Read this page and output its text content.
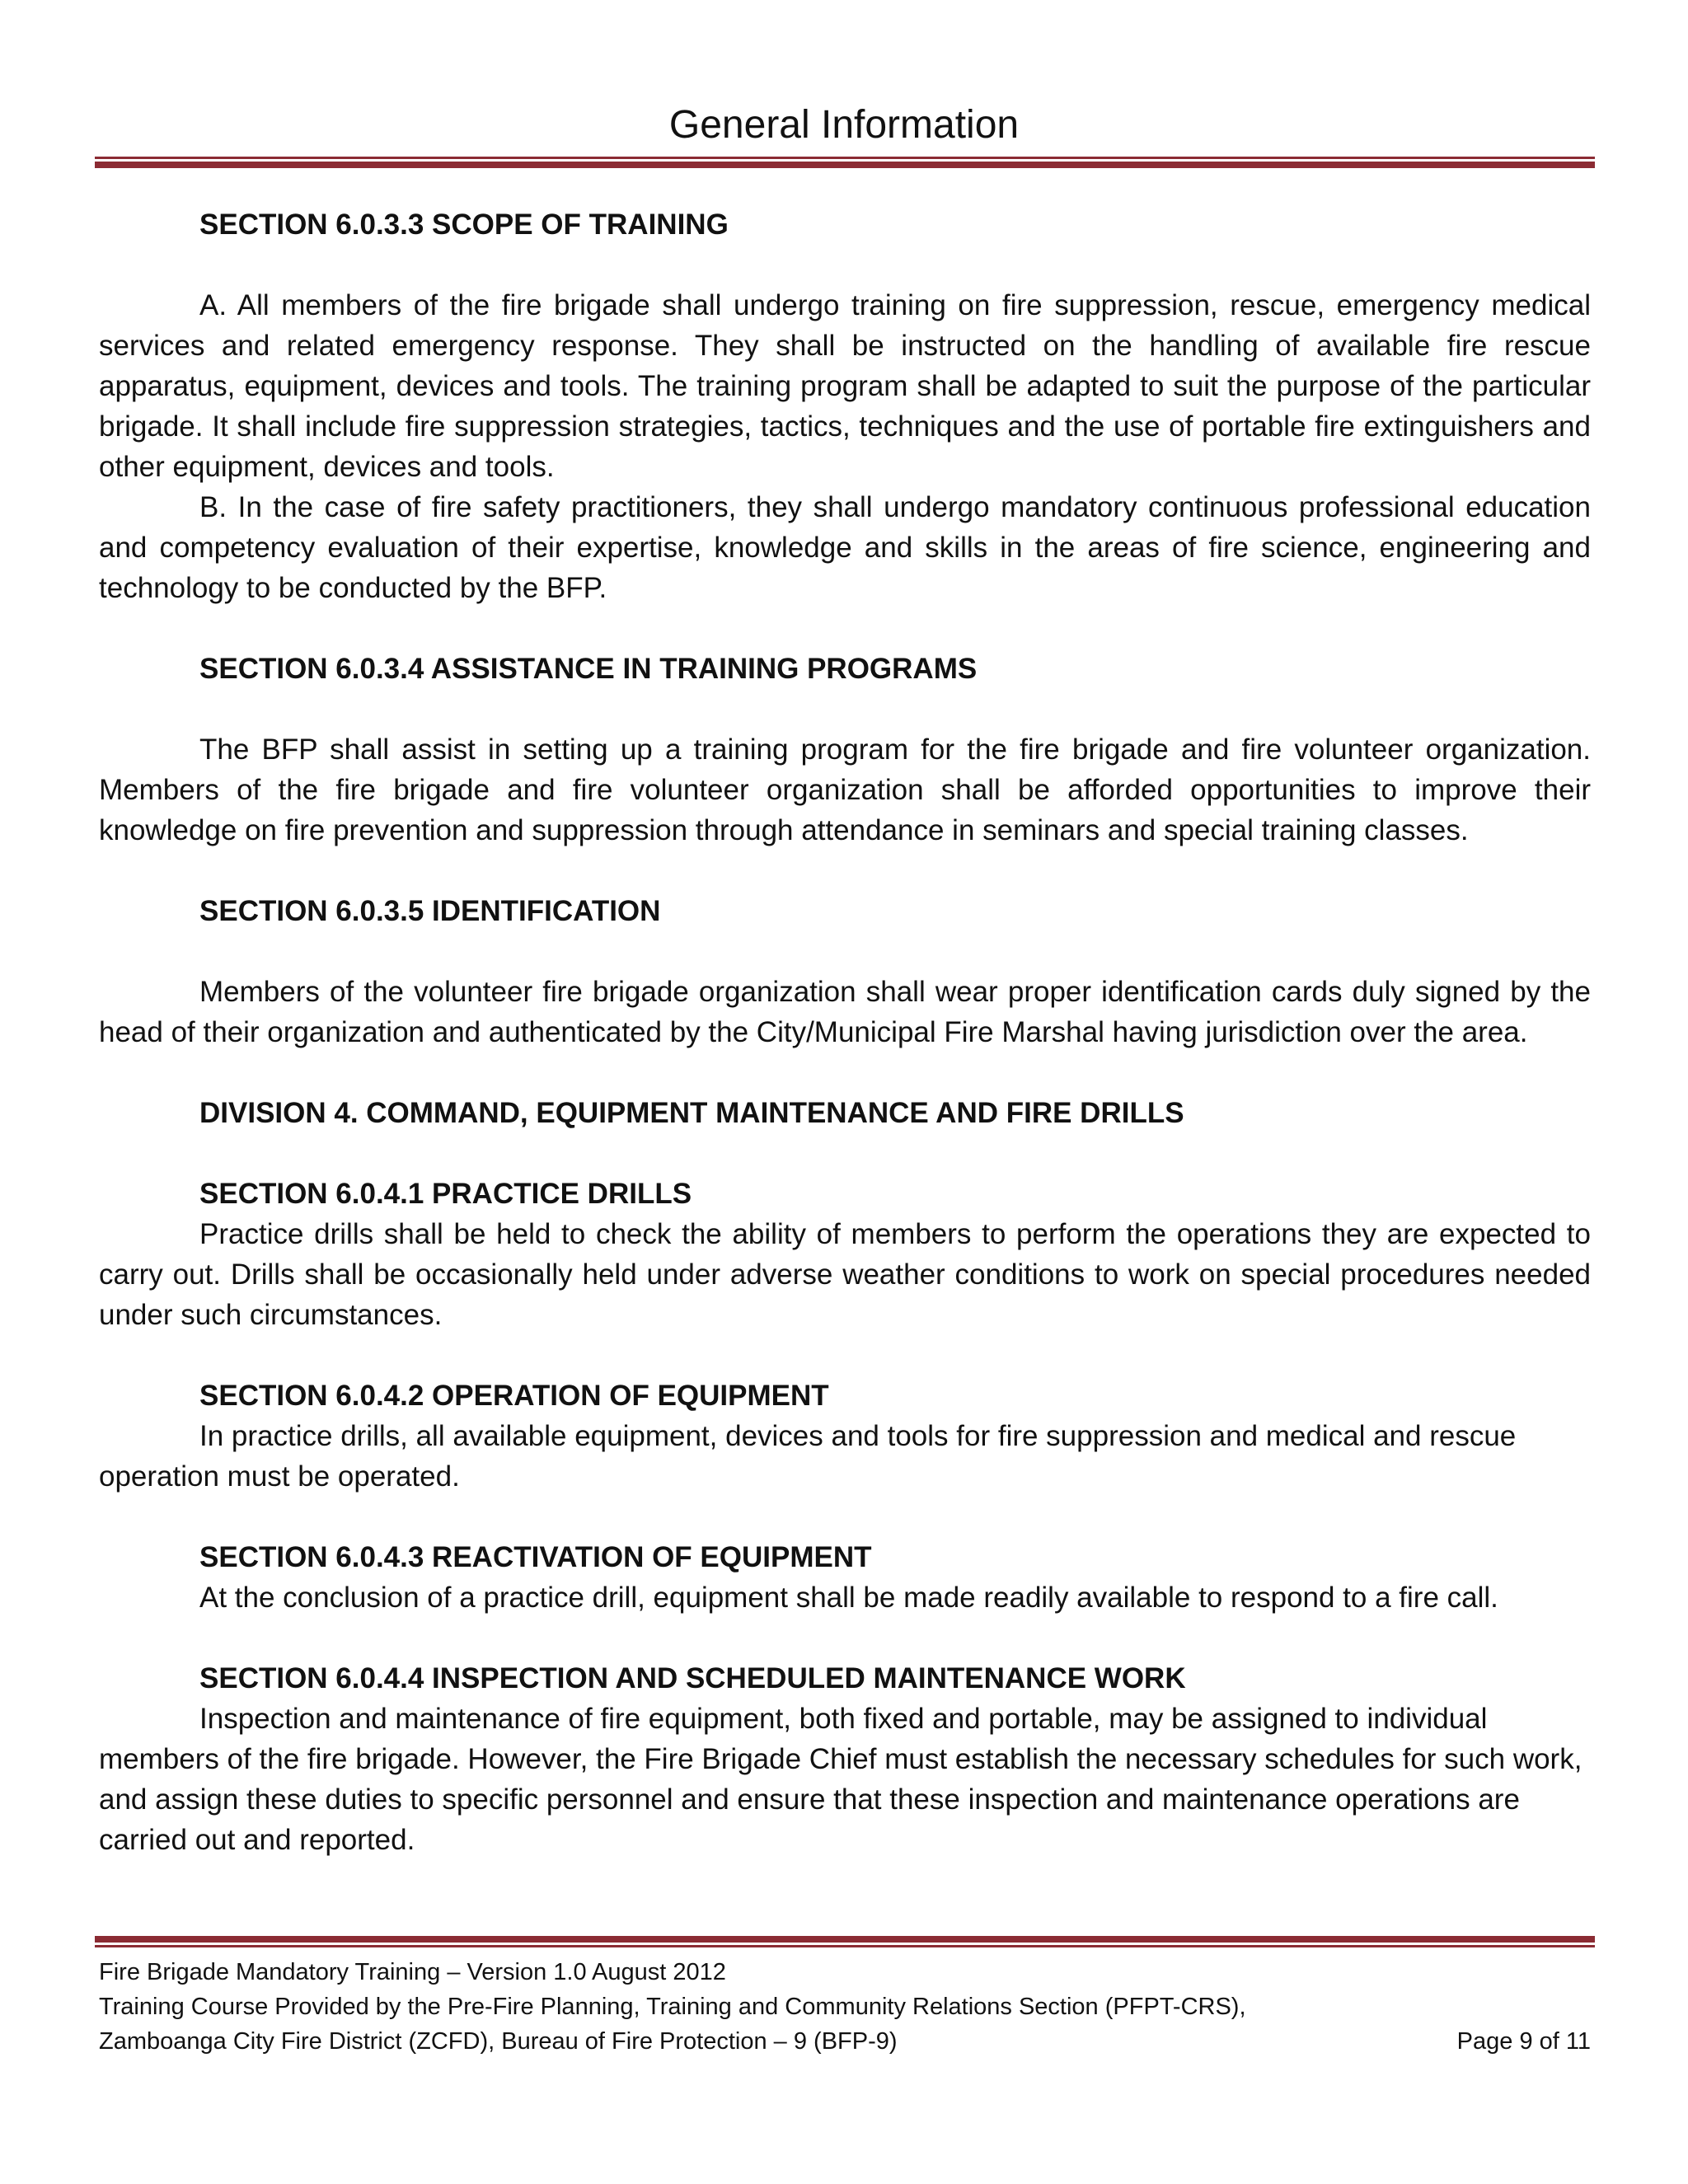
General Information

SECTION 6.0.3.3 SCOPE OF TRAINING

A. All members of the fire brigade shall undergo training on fire suppression, rescue, emergency medical services and related emergency response. They shall be instructed on the handling of available fire rescue apparatus, equipment, devices and tools. The training program shall be adapted to suit the purpose of the particular brigade. It shall include fire suppression strategies, tactics, techniques and the use of portable fire extinguishers and other equipment, devices and tools.

B. In the case of fire safety practitioners, they shall undergo mandatory continuous professional education and competency evaluation of their expertise, knowledge and skills in the areas of fire science, engineering and technology to be conducted by the BFP.

SECTION 6.0.3.4 ASSISTANCE IN TRAINING PROGRAMS

The BFP shall assist in setting up a training program for the fire brigade and fire volunteer organization. Members of the fire brigade and fire volunteer organization shall be afforded opportunities to improve their knowledge on fire prevention and suppression through attendance in seminars and special training classes.

SECTION 6.0.3.5 IDENTIFICATION

Members of the volunteer fire brigade organization shall wear proper identification cards duly signed by the head of their organization and authenticated by the City/Municipal Fire Marshal having jurisdiction over the area.

DIVISION 4. COMMAND, EQUIPMENT MAINTENANCE AND FIRE DRILLS

SECTION 6.0.4.1 PRACTICE DRILLS

Practice drills shall be held to check the ability of members to perform the operations they are expected to carry out. Drills shall be occasionally held under adverse weather conditions to work on special procedures needed under such circumstances.

SECTION 6.0.4.2 OPERATION OF EQUIPMENT

In practice drills, all available equipment, devices and tools for fire suppression and medical and rescue operation must be operated.

SECTION 6.0.4.3 REACTIVATION OF EQUIPMENT

At the conclusion of a practice drill, equipment shall be made readily available to respond to a fire call.

SECTION 6.0.4.4 INSPECTION AND SCHEDULED MAINTENANCE WORK

Inspection and maintenance of fire equipment, both fixed and portable, may be assigned to individual members of the fire brigade. However, the Fire Brigade Chief must establish the necessary schedules for such work, and assign these duties to specific personnel and ensure that these inspection and maintenance operations are carried out and reported.

Fire Brigade Mandatory Training – Version 1.0 August 2012
Training Course Provided by the Pre-Fire Planning, Training and Community Relations Section (PFPT-CRS),
Zamboanga City Fire District (ZCFD), Bureau of Fire Protection – 9 (BFP-9)	Page 9 of 11
